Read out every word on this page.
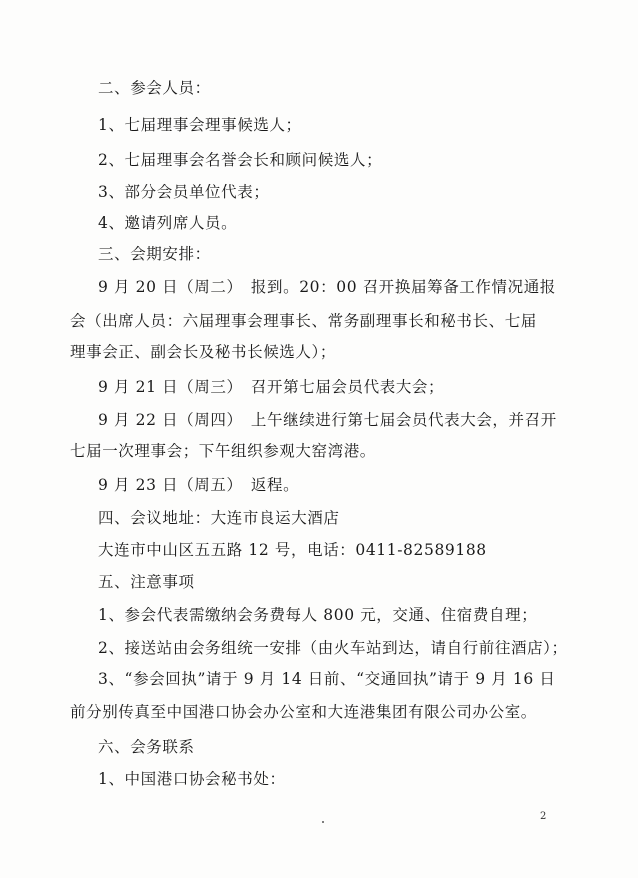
二、参会人员：
1、七届理事会理事候选人；
2、七届理事会名誉会长和顾问候选人；
3、部分会员单位代表；
4、邀请列席人员。
三、会期安排：
9 月 20 日（周二）　报到。20：00 召开换届筹备工作情况通报
会（出席人员：六届理事会理事长、常务副理事长和秘书长、七届
理事会正、副会长及秘书长候选人）；
9 月 21 日（周三）　召开第七届会员代表大会；
9 月 22 日（周四）　上午继续进行第七届会员代表大会，并召开
七届一次理事会；下午组织参观大窑湾港。
9 月 23 日（周五）　返程。
四、会议地址：大连市良运大酒店
大连市中山区五五路 12 号，电话：0411-82589188
五、注意事项
1、参会代表需缴纳会务费每人 800 元，交通、住宿费自理；
2、接送站由会务组统一安排（由火车站到达，请自行前往酒店）；
3、“参会回执”请于 9 月 14 日前、“交通回执”请于 9 月 16 日
前分别传真至中国港口协会办公室和大连港集团有限公司办公室。
六、会务联系
1、中国港口协会秘书处：
2
